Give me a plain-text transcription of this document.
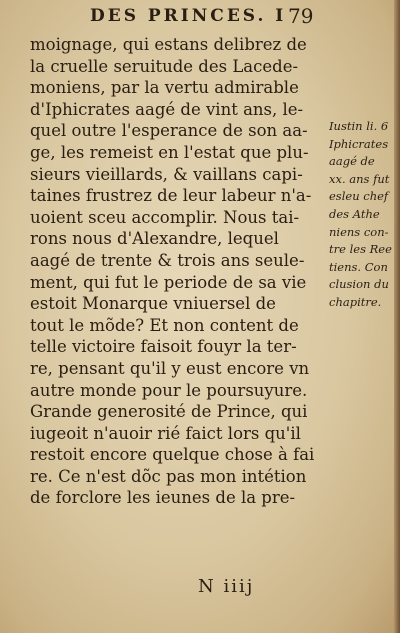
DES PRINCES. I 79
moignage, qui estans delibrez de
la cruelle seruitude des Lacede-
moniens, par la vertu admirable
d'Iphicrates aagé de vint ans, le-
quel outre l'esperance de son aa-
ge, les remeist en l'estat que plu-
sieurs vieillards, & vaillans capi-
taines frustrez de leur labeur n'a-
uoient sceu accomplir. Nous tai-
rons nous d'Alexandre, lequel
aagé de trente & trois ans seule-
ment, qui fut le periode de sa vie
estoit Monarque vniuersel de
tout le mõde? Et non content de
telle victoire faisoit fouyr la ter-
re, pensant qu'il y eust encore vn
autre monde pour le poursuyure.
Grande generosité de Prince, qui
iugeoit n'auoir rié faict lors qu'il
restoit encore quelque chose à fai
re. Ce n'est dõc pas mon intétion
de forclore les ieunes de la pre-
Iustin li. 6
Iphicrates
aagé de
xx. ans fut
esleu chef
des Athe
niens con-
tre les Ree
tiens. Con
clusion du
chapitre.
N iiij
